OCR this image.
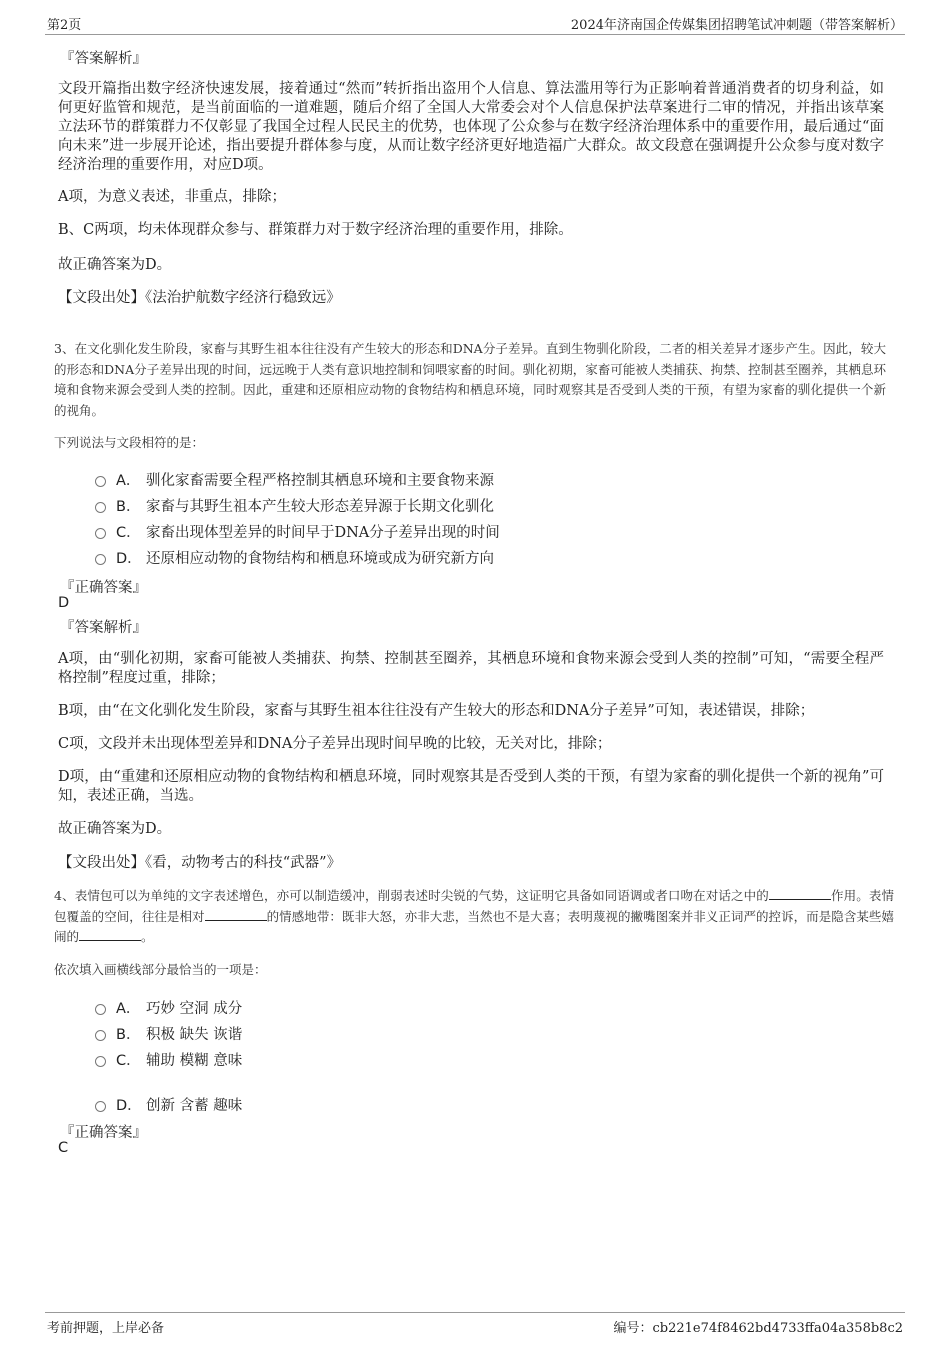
第2页	2024年济南国企传媒集团招聘笔试冲刺题（带答案解析）
『答案解析』

文段开篇指出数字经济快速发展，接着通过“然而”转折指出盗用个人信息、算法滥用等行为正影响着普通消费者的切身利益，如何更好监管和规范，是当前面临的一道难题，随后介绍了全国人大常委会对个人信息保护法草案进行二审的情况，并指出该草案立法环节的群策群力不仅彰显了我国全过程人民民主的优势，也体现了公众参与在数字经济治理体系中的重要作用，最后通过“面向未来”进一步展开论述，指出要提升群体参与度，从而让数字经济更好地造福广大群众。故文段意在强调提升公众参与度对数字经济治理的重要作用，对应D项。

A项，为意义表述，非重点，排除；

B、C两项，均未体现群众参与、群策群力对于数字经济治理的重要作用，排除。

故正确答案为D。

【文段出处】《法治护航数字经济行稳致远》

3、在文化驯化发生阶段，家畜与其野生祖本往往没有产生较大的形态和DNA分子差异。直到生物驯化阶段，二者的相关差异才逐步产生。因此，较大的形态和DNA分子差异出现的时间，远远晚于人类有意识地控制和饲喂家畜的时间。驯化初期，家畜可能被人类捕获、拘禁、控制甚至圈养，其栖息环境和食物来源会受到人类的控制。因此，重建和还原相应动物的食物结构和栖息环境，同时观察其是否受到人类的干预，有望为家畜的驯化提供一个新的视角。

下列说法与文段相符的是：

A． 驯化家畜需要全程严格控制其栖息环境和主要食物来源
B． 家畜与其野生祖本产生较大形态差异源于长期文化驯化
C． 家畜出现体型差异的时间早于DNA分子差异出现的时间
D． 还原相应动物的食物结构和栖息环境或成为研究新方向
『正确答案』
D
『答案解析』

A项，由“驯化初期，家畜可能被人类捕获、拘禁、控制甚至圈养，其栖息环境和食物来源会受到人类的控制”可知，“需要全程严格控制”程度过重，排除；

B项，由“在文化驯化发生阶段，家畜与其野生祖本往往没有产生较大的形态和DNA分子差异”可知，表述错误，排除；

C项，文段并未出现体型差异和DNA分子差异出现时间早晚的比较，无关对比，排除；

D项，由“重建和还原相应动物的食物结构和栖息环境，同时观察其是否受到人类的干预，有望为家畜的驯化提供一个新的视角”可知，表述正确，当选。

故正确答案为D。

【文段出处】《看，动物考古的科技“武器”》

4、表情包可以为单纯的文字表述增色，亦可以制造缓冲，削弱表述时尖锐的气势，这证明它具备如同语调或者口吻在对话之中的	作用。表情包覆盖的空间，往往是相对	的情感地带：既非大怒，亦非大悲，当然也不是大喜；表明蔑视的撇嘴图案并非义正词严的控诉，而是隐含某些嬉闹的	。

依次填入画横线部分最恰当的一项是：

A． 巧妙 空洞 成分
B． 积极 缺失 诙谐
C． 辅助 模糊 意味
D． 创新 含蓄 趣味
『正确答案』
C
考前押题，上岸必备	编号：cb221e74f8462bd4733ffa04a358b8c2
